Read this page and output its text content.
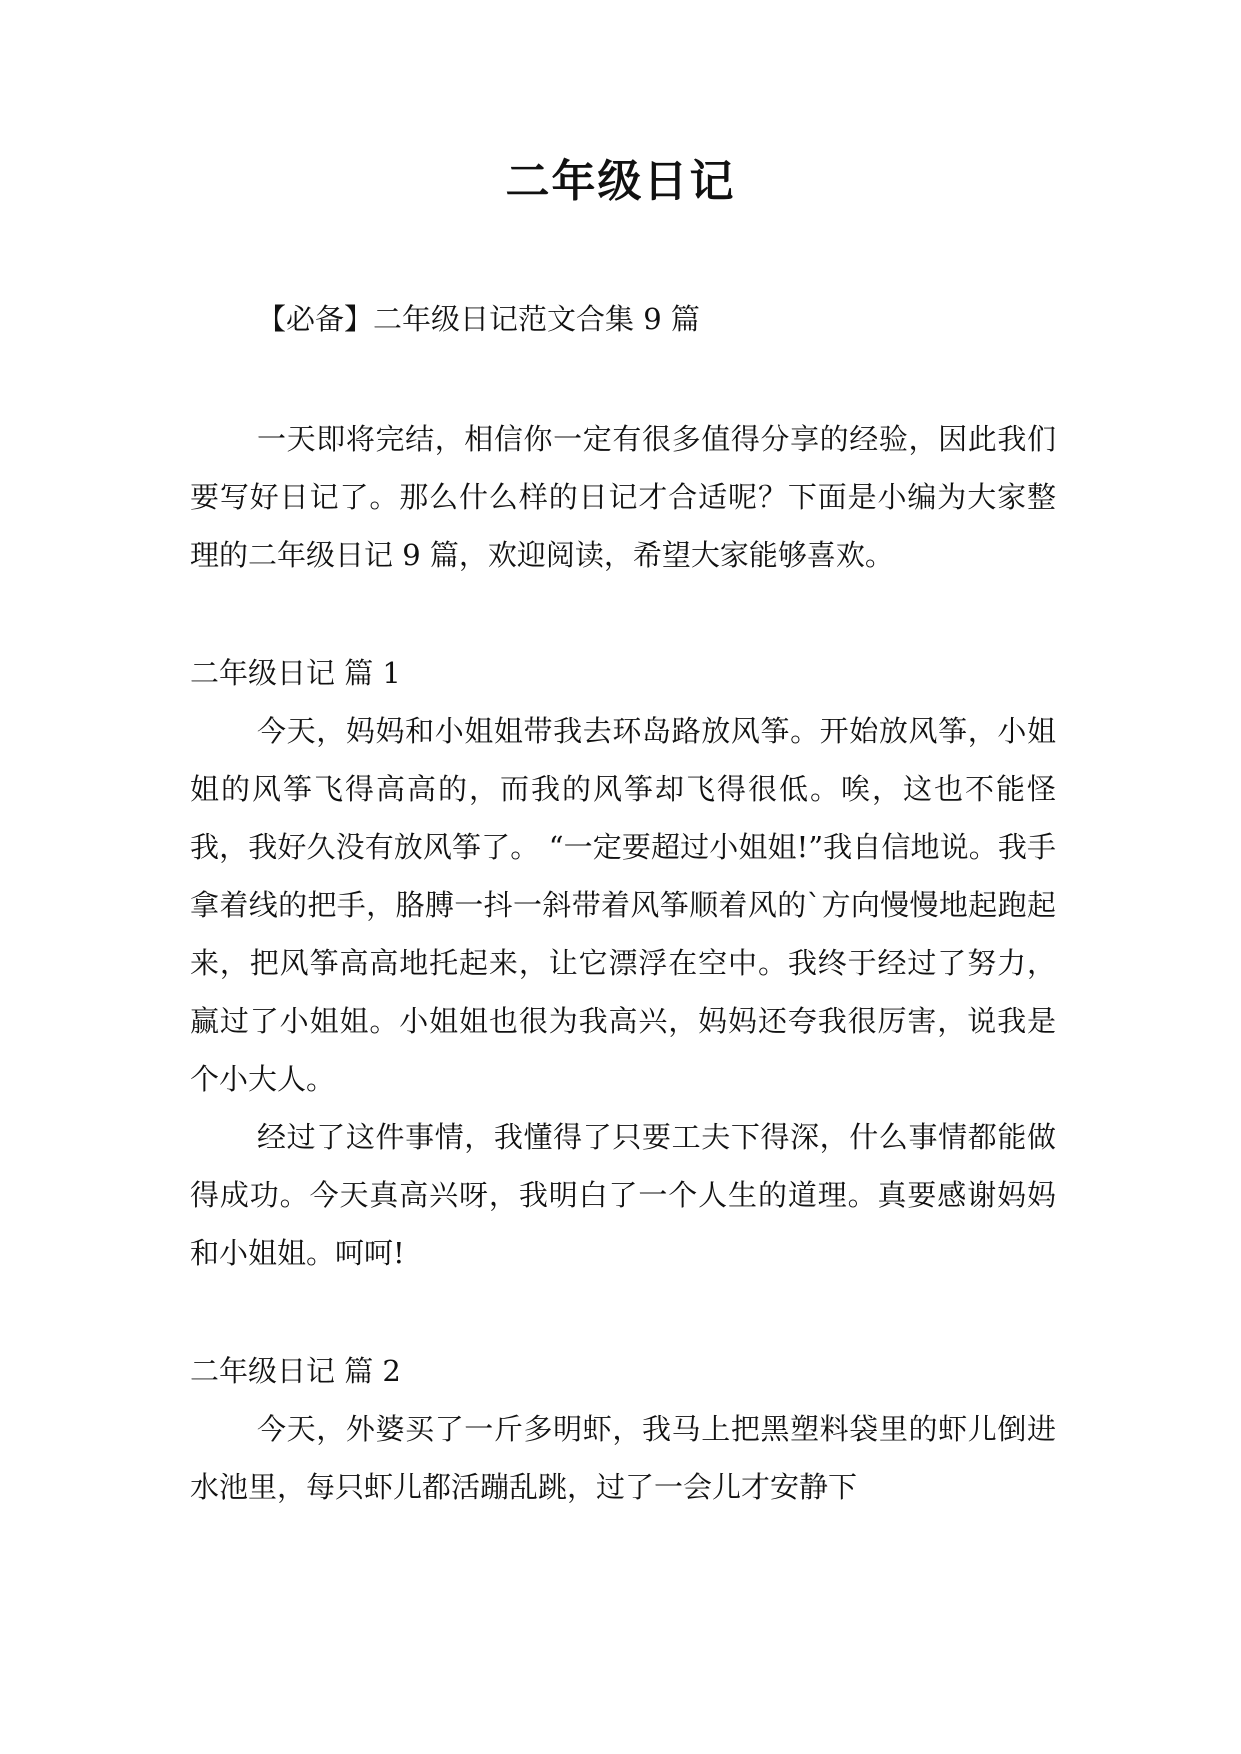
二年级日记

【必备】二年级日记范文合集 9 篇

一天即将完结，相信你一定有很多值得分享的经验，因此我们要写好日记了。那么什么样的日记才合适呢？下面是小编为大家整理的二年级日记 9 篇，欢迎阅读，希望大家能够喜欢。

二年级日记 篇 1

今天，妈妈和小姐姐带我去环岛路放风筝。开始放风筝，小姐姐的风筝飞得高高的，而我的风筝却飞得很低。唉，这也不能怪我，我好久没有放风筝了。 “一定要超过小姐姐!”我自信地说。我手拿着线的把手，胳膊一抖一斜带着风筝顺着风的`方向慢慢地起跑起来，把风筝高高地托起来，让它漂浮在空中。我终于经过了努力，赢过了小姐姐。小姐姐也很为我高兴，妈妈还夸我很厉害，说我是个小大人。

经过了这件事情，我懂得了只要工夫下得深，什么事情都能做得成功。今天真高兴呀，我明白了一个人生的道理。真要感谢妈妈和小姐姐。呵呵!

二年级日记 篇 2

今天，外婆买了一斤多明虾，我马上把黑塑料袋里的虾儿倒进水池里，每只虾儿都活蹦乱跳，过了一会儿才安静下
